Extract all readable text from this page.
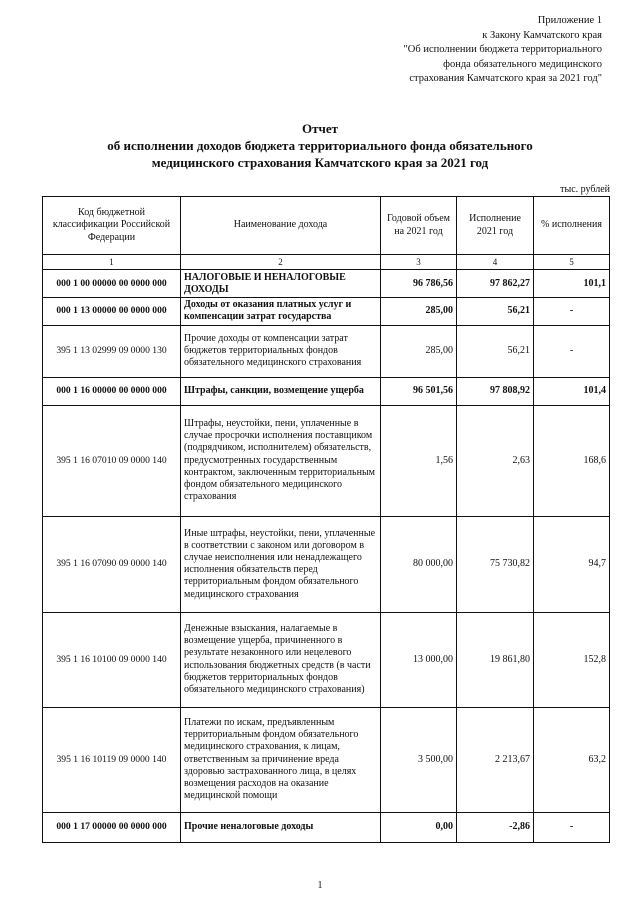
Приложение 1
к Закону Камчатского края
"Об исполнении бюджета территориального
фонда обязательного медицинского
страхования Камчатского края за 2021 год"
Отчет
об исполнении доходов бюджета территориального фонда обязательного
медицинского страхования Камчатского края за 2021 год
тыс. рублей
Код бюджетной классификации Российской Федерации	Наименование дохода	Годовой объем на 2021 год	Исполнение 2021 год	% исполнения
1	2	3	4	5
000 1 00 00000 00 0000 000	НАЛОГОВЫЕ И НЕНАЛОГОВЫЕ ДОХОДЫ	96 786,56	97 862,27	101,1
000 1 13 00000 00 0000 000	Доходы от оказания платных услуг и компенсации затрат государства	285,00	56,21	-
395 1 13 02999 09 0000 130	Прочие доходы от компенсации затрат бюджетов территориальных фондов обязательного медицинского страхования	285,00	56,21	-
000 1 16 00000 00 0000 000	Штрафы, санкции, возмещение ущерба	96 501,56	97 808,92	101,4
395 1 16 07010 09 0000 140	Штрафы, неустойки, пени, уплаченные в случае просрочки исполнения поставщиком (подрядчиком, исполнителем) обязательств, предусмотренных государственным контрактом, заключенным территориальным фондом обязательного медицинского страхования	1,56	2,63	168,6
395 1 16 07090 09 0000 140	Иные штрафы, неустойки, пени, уплаченные в соответствии с законом или договором в случае неисполнения или ненадлежащего исполнения обязательств перед территориальным фондом обязательного медицинского страхования	80 000,00	75 730,82	94,7
395 1 16 10100 09 0000 140	Денежные взыскания, налагаемые в возмещение ущерба, причиненного в результате незаконного или нецелевого использования бюджетных средств (в части бюджетов территориальных фондов обязательного медицинского страхования)	13 000,00	19 861,80	152,8
395 1 16 10119 09 0000 140	Платежи по искам, предъявленным территориальным фондом обязательного медицинского страхования, к лицам, ответственным за причинение вреда здоровью застрахованного лица, в целях возмещения расходов на оказание медицинской помощи	3 500,00	2 213,67	63,2
000 1 17 00000 00 0000 000	Прочие неналоговые доходы	0,00	-2,86	-
1
